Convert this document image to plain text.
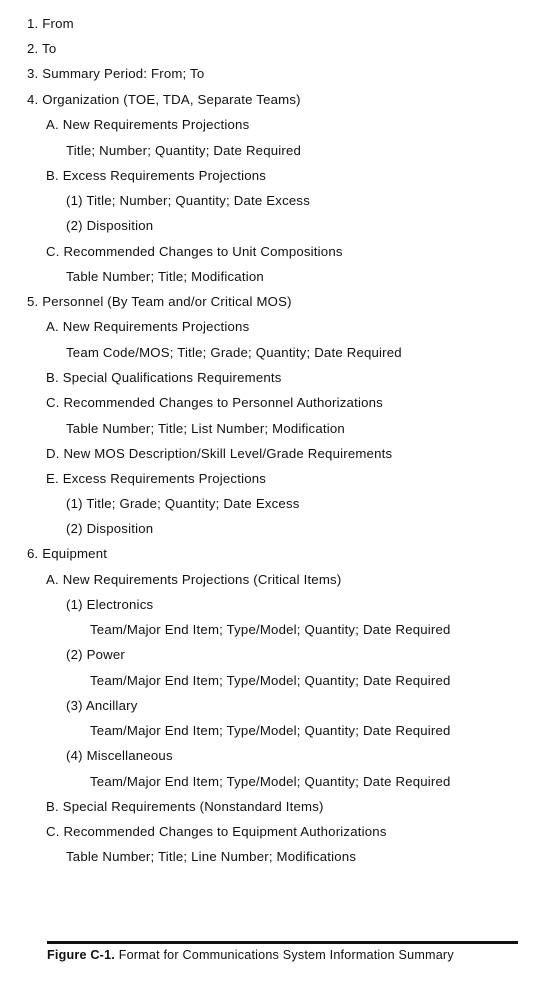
1. From
2. To
3. Summary Period: From; To
4. Organization (TOE, TDA, Separate Teams)
A. New Requirements Projections
Title; Number; Quantity; Date Required
B. Excess Requirements Projections
(1) Title; Number; Quantity; Date Excess
(2) Disposition
C. Recommended Changes to Unit Compositions
Table Number; Title; Modification
5. Personnel (By Team and/or Critical MOS)
A. New Requirements Projections
Team Code/MOS; Title; Grade; Quantity; Date Required
B. Special Qualifications Requirements
C. Recommended Changes to Personnel Authorizations
Table Number; Title; List Number; Modification
D. New MOS Description/Skill Level/Grade Requirements
E. Excess Requirements Projections
(1) Title; Grade; Quantity; Date Excess
(2) Disposition
6. Equipment
A. New Requirements Projections (Critical Items)
(1) Electronics
Team/Major End Item; Type/Model; Quantity; Date Required
(2) Power
Team/Major End Item; Type/Model; Quantity; Date Required
(3) Ancillary
Team/Major End Item; Type/Model; Quantity; Date Required
(4) Miscellaneous
Team/Major End Item; Type/Model; Quantity; Date Required
B. Special Requirements (Nonstandard Items)
C. Recommended Changes to Equipment Authorizations
Table Number; Title; Line Number; Modifications
Figure C-1. Format for Communications System Information Summary
